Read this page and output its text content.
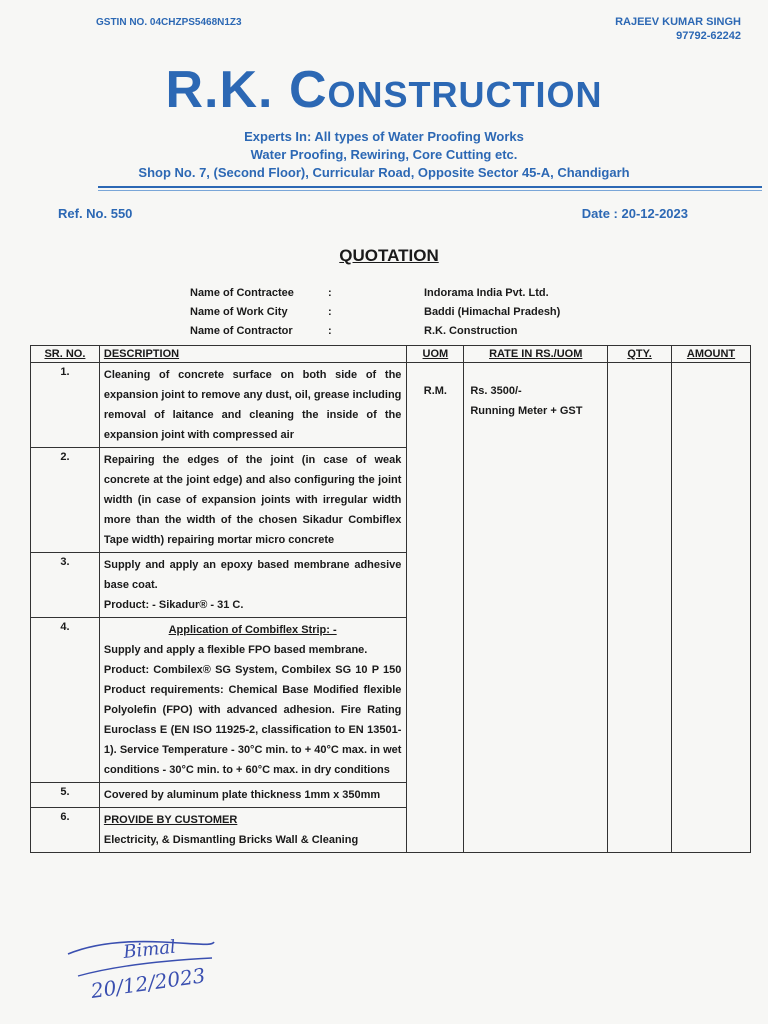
GSTIN NO. 04CHZPS5468N1Z3	RAJEEV KUMAR SINGH
97792-62242
R.K. Construction
Experts In: All types of Water Proofing Works
Water Proofing, Rewiring, Core Cutting etc.
Shop No. 7, (Second Floor), Curricular Road, Opposite Sector 45-A, Chandigarh
Ref. No. 550	Date : 20-12-2023
QUOTATION
Name of Contractee	:	Indorama India Pvt. Ltd.
Name of Work City	:	Baddi (Himachal Pradesh)
Name of Contractor	:	R.K. Construction
SR. NO.	DESCRIPTION	UOM	RATE IN RS./UOM	QTY.	AMOUNT
1.	Cleaning of concrete surface on both side of the expansion joint to remove any dust, oil, grease including removal of laitance and cleaning the inside of the expansion joint with compressed air	R.M.	Rs. 3500/-
Running Meter + GST		

2.	Repairing the edges of the joint (in case of weak concrete at the joint edge) and also configuring the joint width (in case of expansion joints with irregular width more than the width of the chosen Sikadur Combiflex Tape width) repairing mortar micro concrete				

3.	Supply and apply an epoxy based membrane adhesive base coat.
Product: - Sikadur® - 31 C.				

4.	Application of Combiflex Strip: -
Supply and apply a flexible FPO based membrane.
Product: Combilex® SG System, Combilex SG 10 P 150 Product requirements: Chemical Base Modified flexible Polyolefin (FPO) with advanced adhesion. Fire Rating Euroclass E (EN ISO 11925-2, classification to EN 13501-1). Service Temperature - 30°C min. to + 40°C max. in wet conditions - 30°C min. to + 60°C max. in dry conditions				

5.	Covered by aluminum plate thickness 1mm x 350mm				

6.	PROVIDE BY CUSTOMER
Electricity, & Dismantling Bricks Wall & Cleaning				
Bimal
20/12/2023
